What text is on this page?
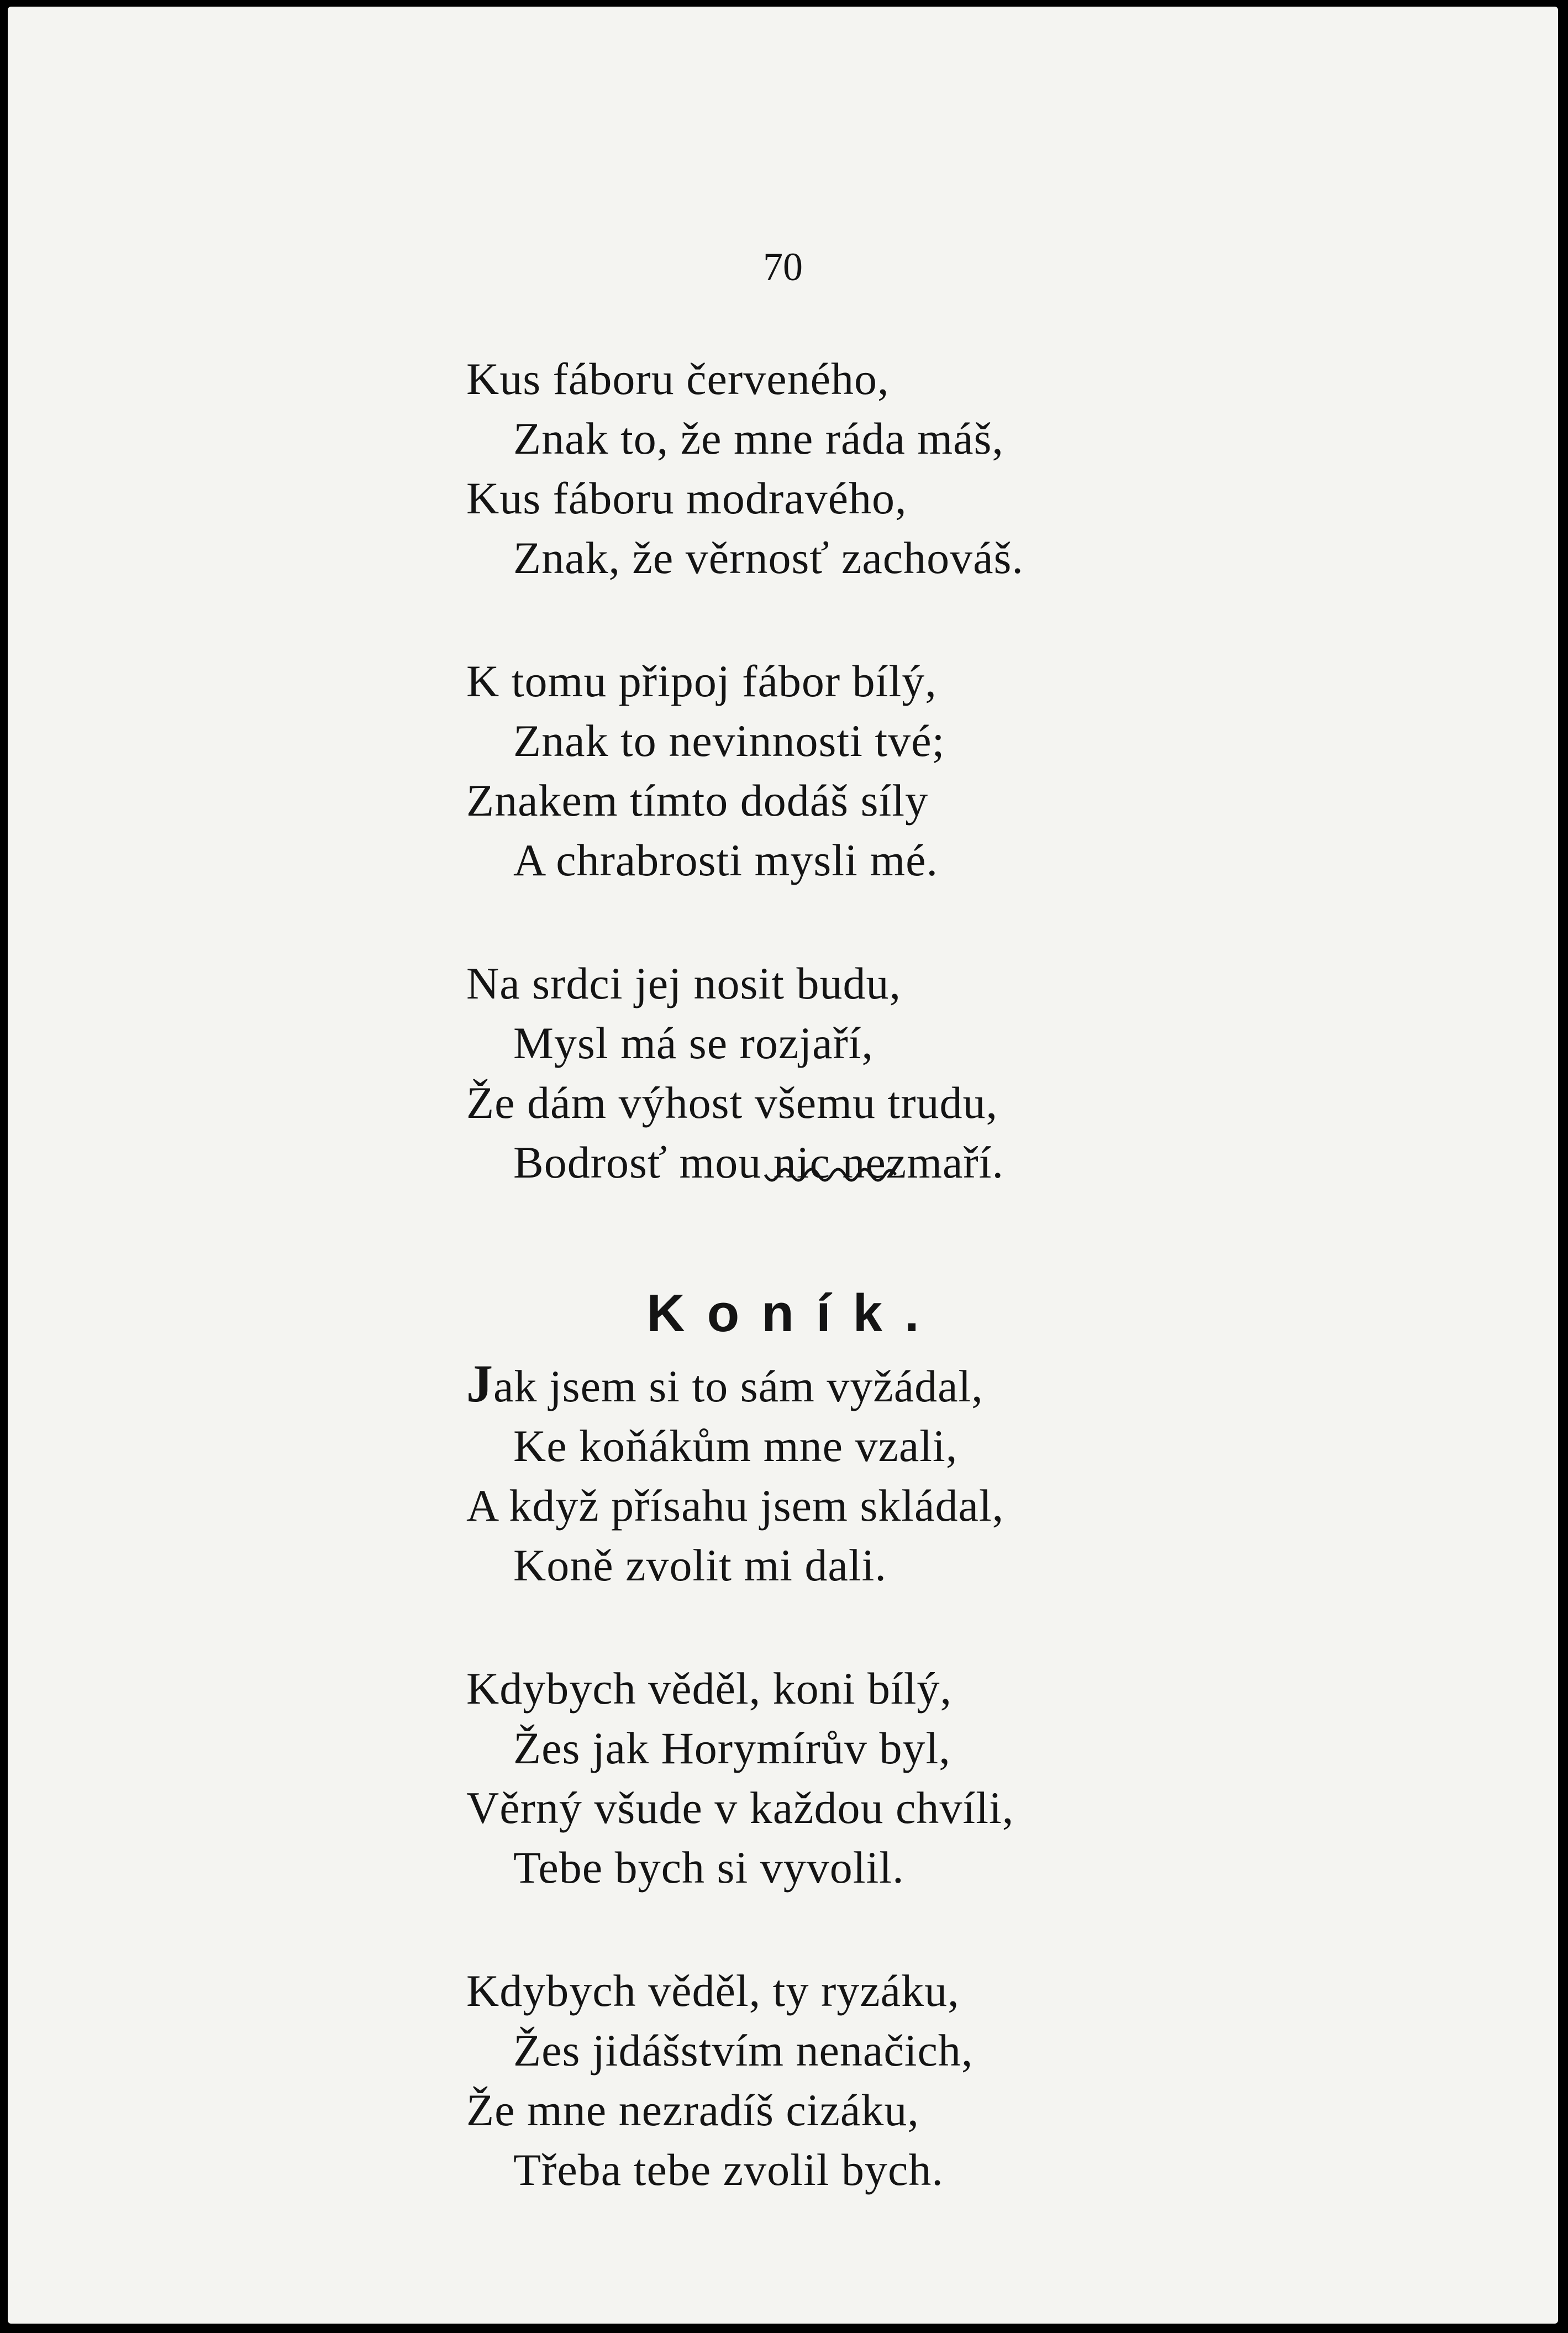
70
Kus fáboru červeného,
Znak to, že mne ráda máš,
Kus fáboru modravého,
Znak, že věrnosť zachováš.
K tomu připoj fábor bílý,
Znak to nevinnosti tvé;
Znakem tímto dodáš síly
A chrabrosti mysli mé.
Na srdci jej nosit budu,
Mysl má se rozjaří,
Že dám výhost všemu trudu,
Bodrosť mou nic nezmaří.
Koník.
Jak jsem si to sám vyžádal,
Ke koňákům mne vzali,
A když přísahu jsem skládal,
Koně zvolit mi dali.
Kdybych věděl, koni bílý,
Žes jak Horymírův byl,
Věrný všude v každou chvíli,
Tebe bych si vyvolil.
Kdybych věděl, ty ryzáku,
Žes jidášstvím nenačich,
Že mne nezradíš cizáku,
Třeba tebe zvolil bych.
